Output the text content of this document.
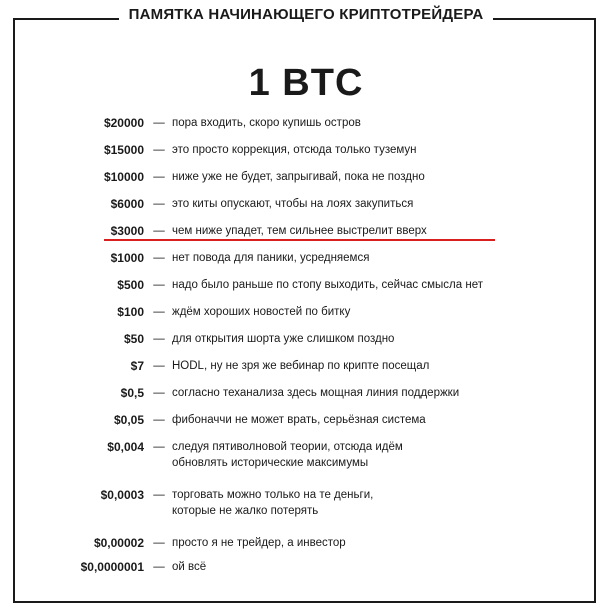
ПАМЯТКА НАЧИНАЮЩЕГО КРИПТОТРЕЙДЕРА
1 BTC
$20000 — пора входить, скоро купишь остров
$15000 — это просто коррекция, отсюда только туземун
$10000 — ниже уже не будет, запрыгивай, пока не поздно
$6000 — это киты опускают, чтобы на лоях закупиться
$3000 — чем ниже упадет, тем сильнее выстрелит вверх
$1000 — нет повода для паники, усредняемся
$500 — надо было раньше по стопу выходить, сейчас смысла нет
$100 — ждём хороших новостей по битку
$50 — для открытия шорта уже слишком поздно
$7 — HODL, ну не зря же вебинар по крипте посещал
$0,5 — согласно теханализа здесь мощная линия поддержки
$0,05 — фибоначчи не может врать, серьёзная система
$0,004 — следуя пятиволновой теории, отсюда идём
обновлять исторические максимумы
$0,0003 — торговать можно только на те деньги,
которые не жалко потерять
$0,00002 — просто я не трейдер, а инвестор
$0,0000001 — ой всё
